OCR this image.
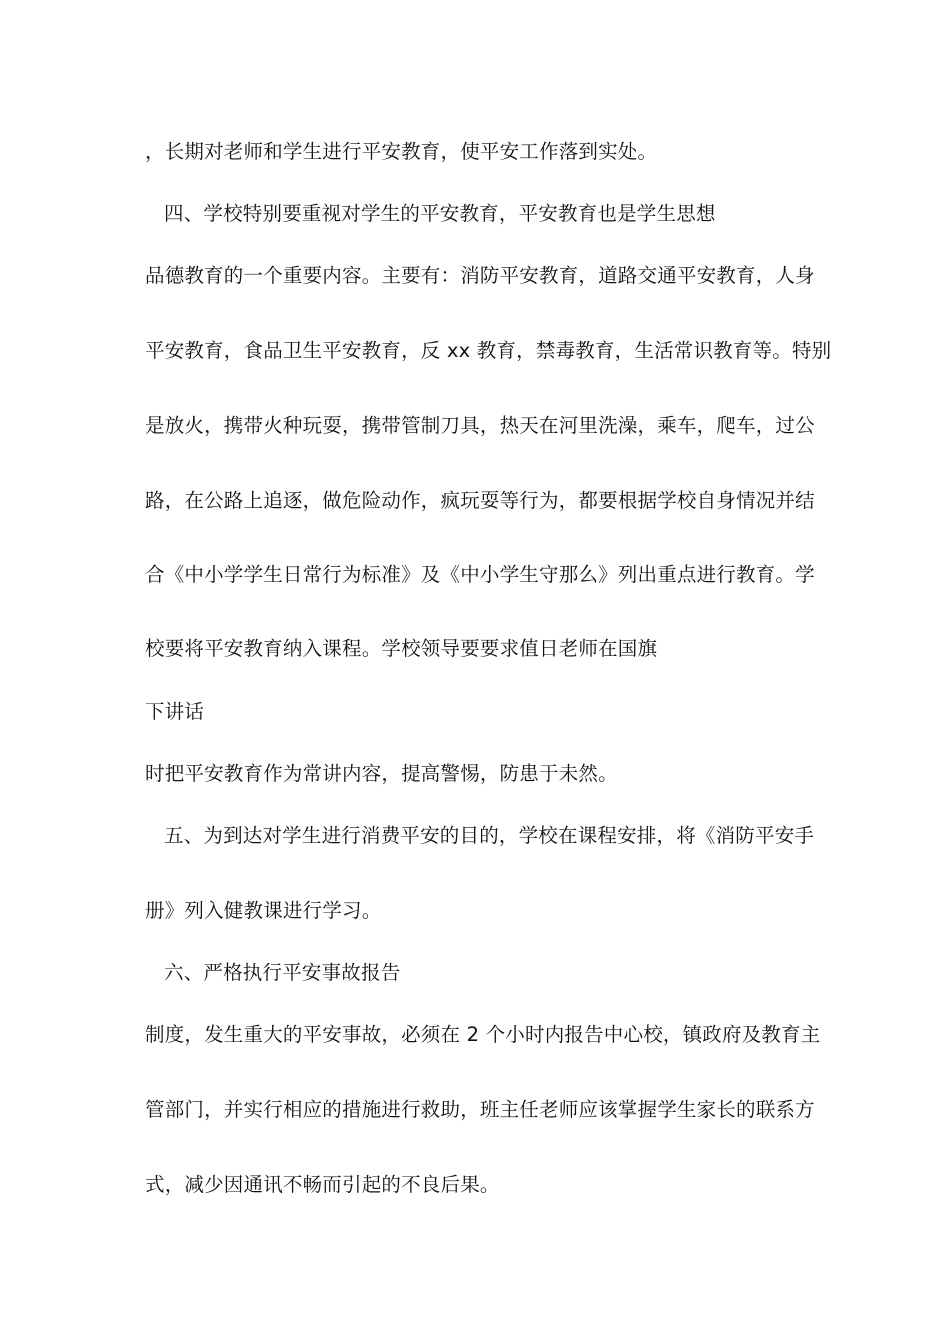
，长期对老师和学生进行平安教育，使平安工作落到实处。

四、学校特别要重视对学生的平安教育，平安教育也是学生思想

品德教育的一个重要内容。主要有：消防平安教育，道路交通平安教育，人身

平安教育，食品卫生平安教育，反 xx 教育，禁毒教育，生活常识教育等。特别

是放火，携带火种玩耍，携带管制刀具，热天在河里洗澡，乘车，爬车，过公

路，在公路上追逐，做危险动作，疯玩耍等行为，都要根据学校自身情况并结

合《中小学学生日常行为标准》及《中小学生守那么》列出重点进行教育。学

校要将平安教育纳入课程。学校领导要要求值日老师在国旗

下讲话

时把平安教育作为常讲内容，提高警惕，防患于未然。

五、为到达对学生进行消费平安的目的，学校在课程安排，将《消防平安手

册》列入健教课进行学习。

六、严格执行平安事故报告

制度，发生重大的平安事故，必须在 2 个小时内报告中心校，镇政府及教育主

管部门，并实行相应的措施进行救助，班主任老师应该掌握学生家长的联系方

式，减少因通讯不畅而引起的不良后果。
